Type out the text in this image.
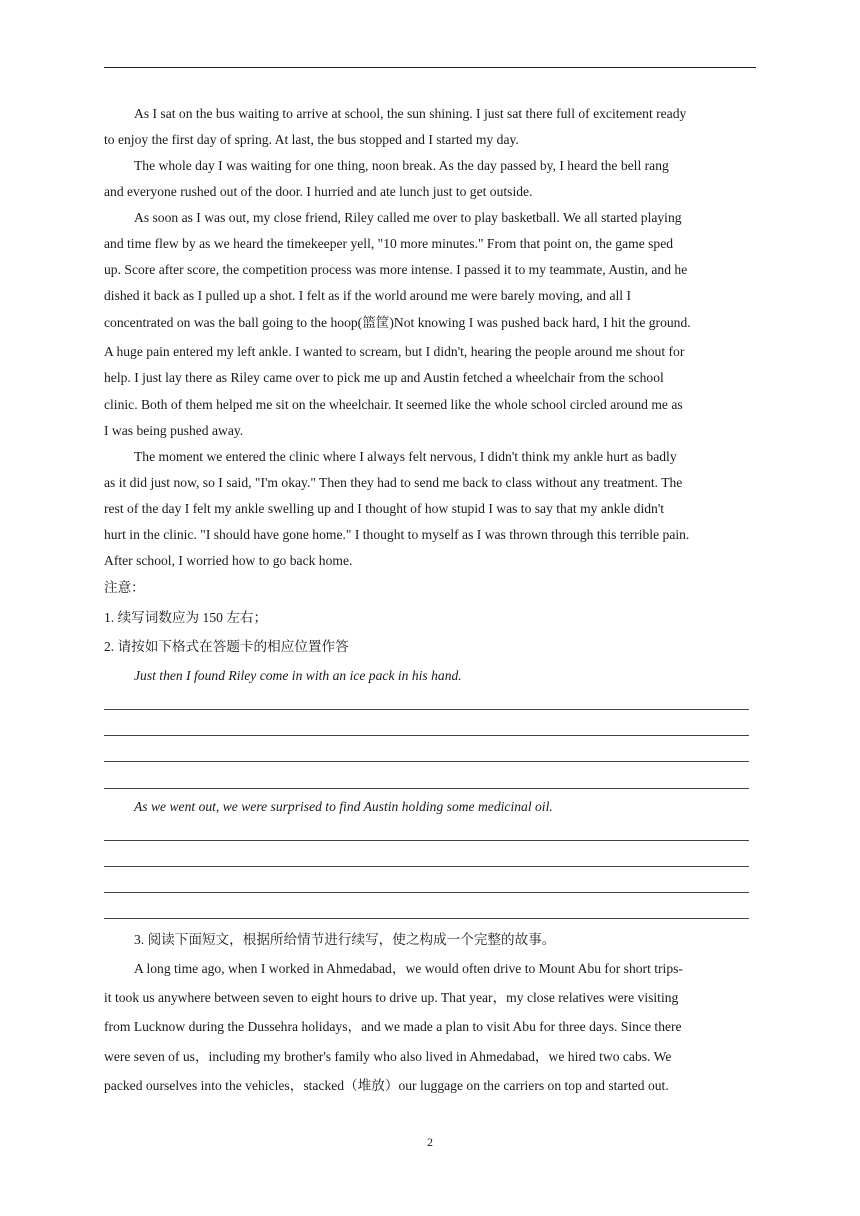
As I sat on the bus waiting to arrive at school, the sun shining. I just sat there full of excitement ready
to enjoy the first day of spring. At last, the bus stopped and I started my day.
The whole day I was waiting for one thing, noon break. As the day passed by, I heard the bell rang
and everyone rushed out of the door. I hurried and ate lunch just to get outside.
As soon as I was out, my close friend, Riley called me over to play basketball. We all started playing
and time flew by as we heard the timekeeper yell, "10 more minutes." From that point on, the game sped
up. Score after score, the competition process was more intense. I passed it to my teammate, Austin, and he
dished it back as I pulled up a shot. I felt as if the world around me were barely moving, and all I
concentrated on was the ball going to the hoop(篮筐)Not knowing I was pushed back hard, I hit the ground.
A huge pain entered my left ankle. I wanted to scream, but I didn't, hearing the people around me shout for
help. I just lay there as Riley came over to pick me up and Austin fetched a wheelchair from the school
clinic. Both of them helped me sit on the wheelchair. It seemed like the whole school circled around me as
I was being pushed away.
The moment we entered the clinic where I always felt nervous, I didn't think my ankle hurt as badly
as it did just now, so I said, "I'm okay." Then they had to send me back to class without any treatment. The
rest of the day I felt my ankle swelling up and I thought of how stupid I was to say that my ankle didn't
hurt in the clinic. "I should have gone home." I thought to myself as I was thrown through this terrible pain.
After school, I worried how to go back home.
注意：
1. 续写词数应为 150 左右；
2. 请按如下格式在答题卡的相应位置作答
Just then I found Riley come in with an ice pack in his hand.
As we went out, we were surprised to find Austin holding some medicinal oil.
3. 阅读下面短文，根据所给情节进行续写，使之构成一个完整的故事。
A long time ago, when I worked in Ahmedabad，we would often drive to Mount Abu for short trips-
it took us anywhere between seven to eight hours to drive up. That year，my close relatives were visiting
from Lucknow during the Dussehra holidays，and we made a plan to visit Abu for three days. Since there
were seven of us，including my brother's family who also lived in Ahmedabad，we hired two cabs. We
packed ourselves into the vehicles，stacked（堆放）our luggage on the carriers on top and started out.
2
